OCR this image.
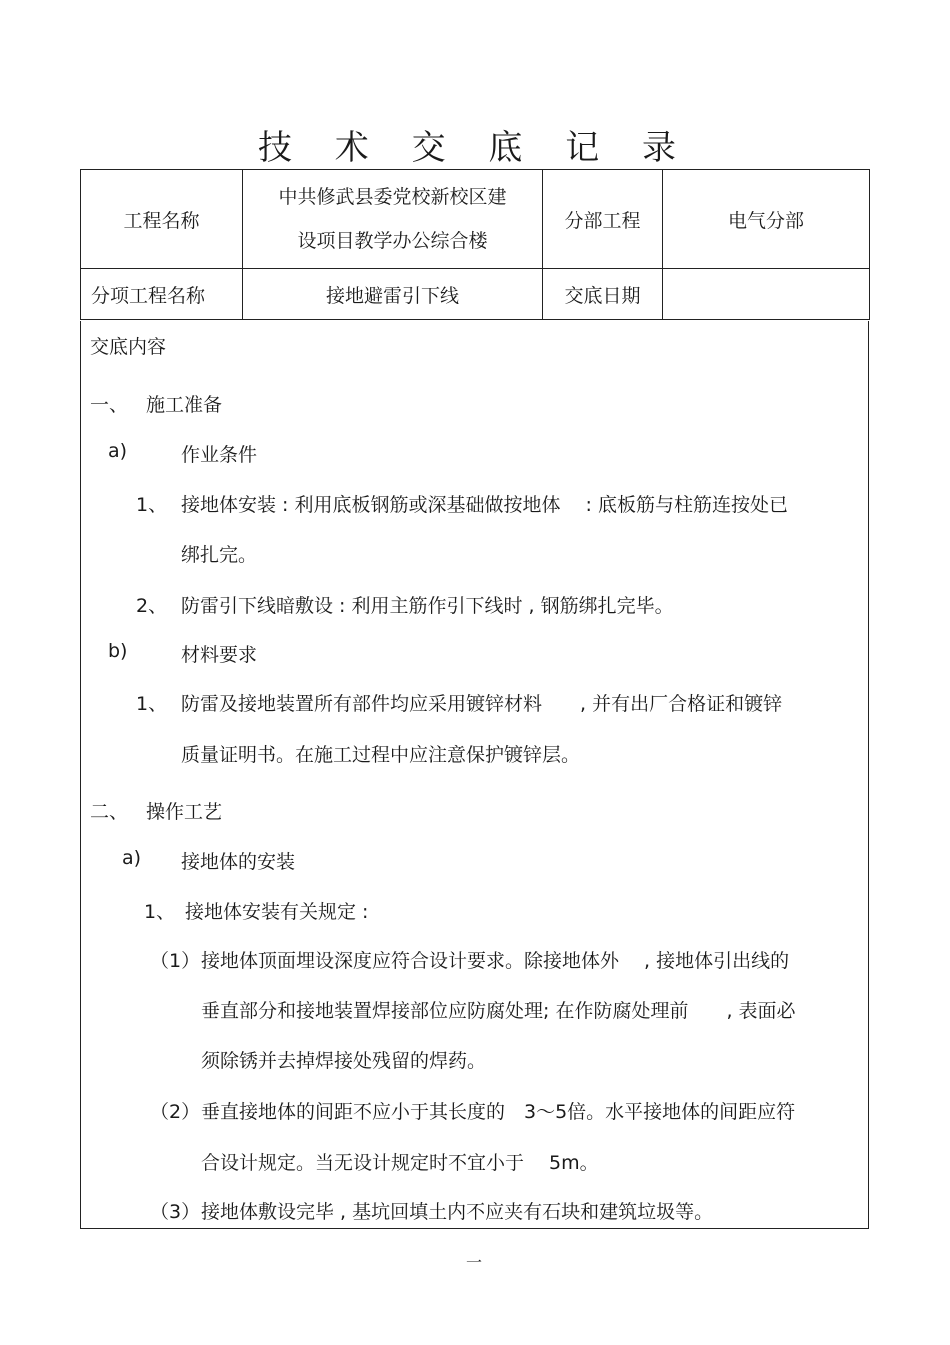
技 术 交 底 记 录
工程名称	中共修武县委党校新校区建
设项目教学办公综合楼	分部工程	电气分部
分项工程名称	接地避雷引下线	交底日期	
交底内容
一、 施工准备
a)	作业条件
1、 接地体安装 : 利用底板钢筋或深基础做按地体　 : 底板筋与柱筋连按处已
绑扎完。
2、 防雷引下线暗敷设 : 利用主筋作引下线时 , 钢筋绑扎完毕。
b)	材料要求
1、 防雷及接地装置所有部件均应采用镀锌材料　　, 并有出厂合格证和镀锌
质量证明书。在施工过程中应注意保护镀锌层。
二、 操作工艺
a) 接地体的安装
1、 接地体安装有关规定 :
（1） 接地体顶面埋设深度应符合设计要求。除接地体外　 , 接地体引出线的
垂直部分和接地装置焊接部位应防腐处理; 在作防腐处理前　　, 表面必
须除锈并去掉焊接处残留的焊药。
（2） 垂直接地体的间距不应小于其长度的　3～5倍。水平接地体的间距应符
合设计规定。当无设计规定时不宜小于　 5m。
（3） 接地体敷设完毕 , 基坑回填土内不应夹有石块和建筑垃圾等。
一
